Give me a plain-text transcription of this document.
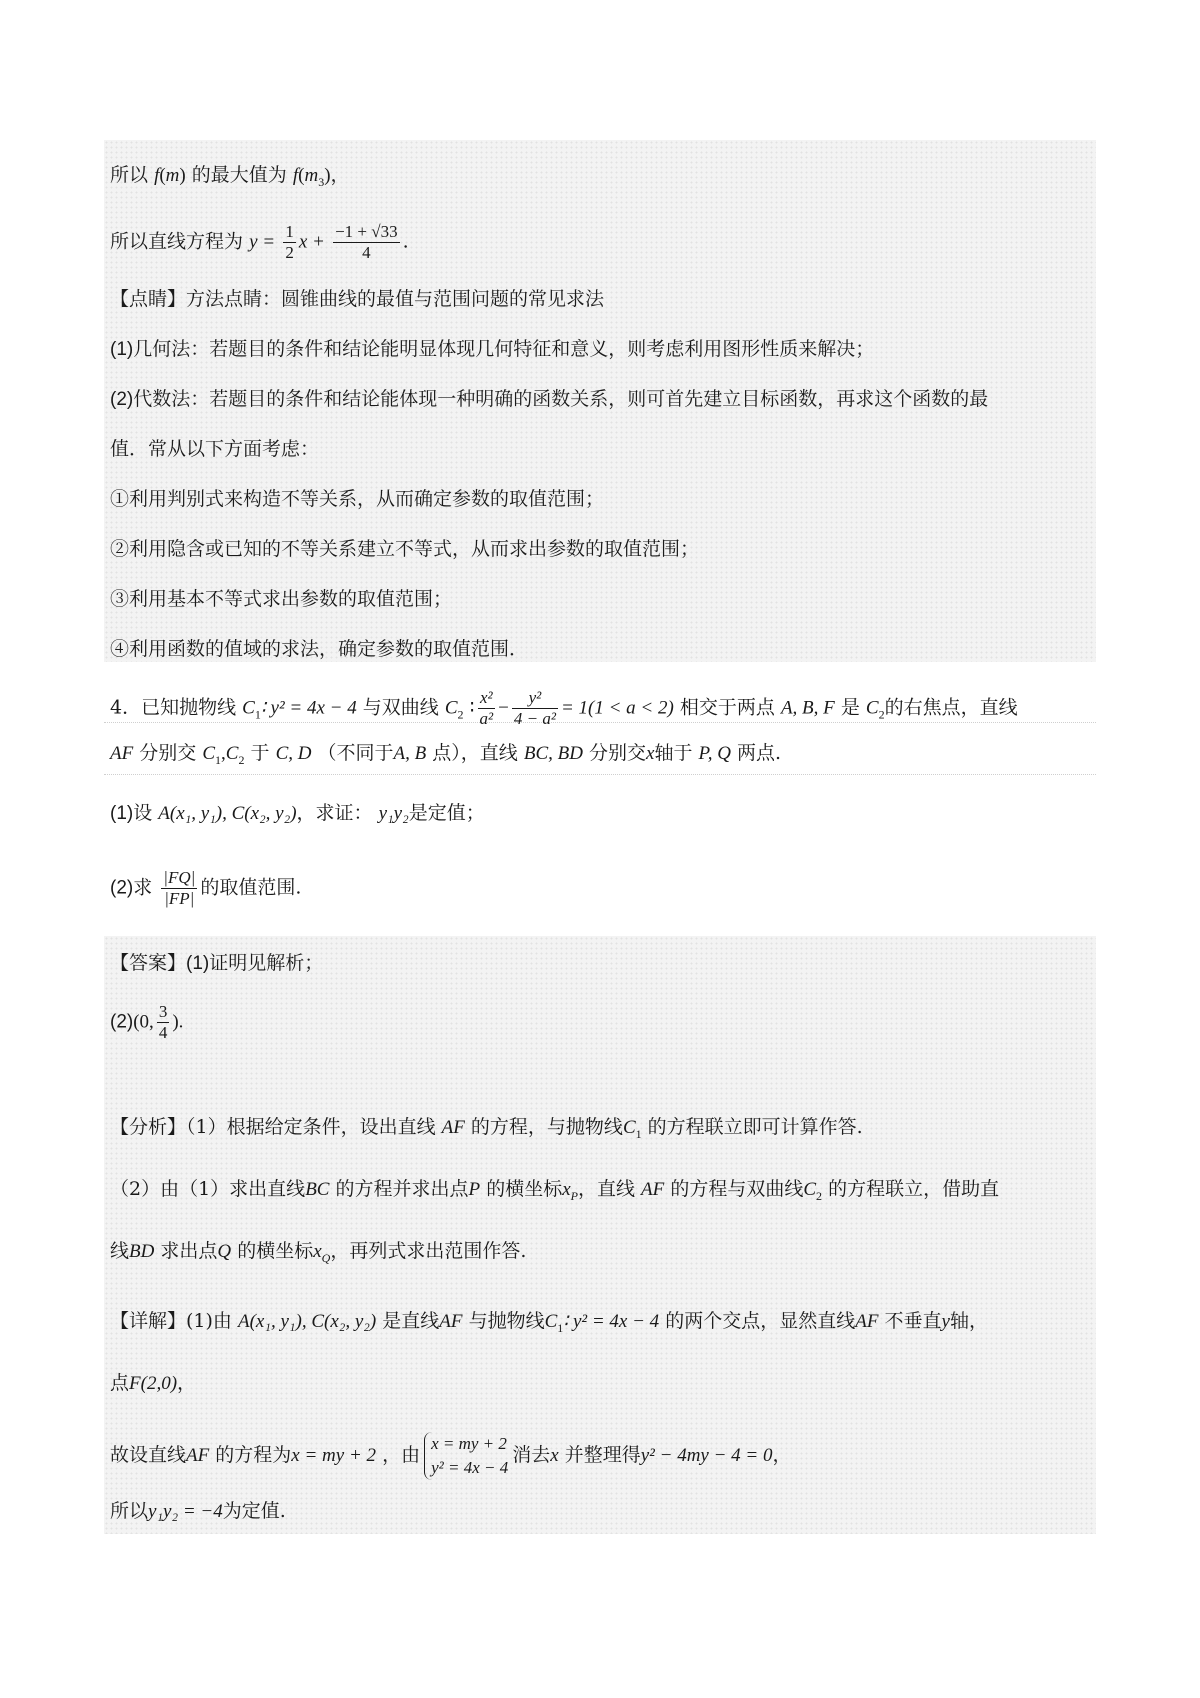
所以 f(m) 的最大值为 $f(m_3)$，
所以直线方程为 $y = \frac{1}{2}$ $x + \frac{-1 + √33}{4}$ .
【点睛】方法点睛：圆锥曲线的最值与范围问题的常见求法
(1)几何法：若题目的条件和结论能明显体现几何特征和意义，则考虑利用图形性质来解决；
(2)代数法：若题目的条件和结论能体现一种明确的函数关系，则可首先建立目标函数，再求这个函数的最
值．常从以下方面考虑：
①利用判别式来构造不等关系，从而确定参数的取值范围；
②利用隐含或已知的不等关系建立不等式，从而求出参数的取值范围；
③利用基本不等式求出参数的取值范围；
④利用函数的值域的求法，确定参数的取值范围．
4．已知抛物线 $C_1∶$ y² = 4x − 4 与双曲线 $C_2$ ∶ $\frac{\text{x²}}{\text{a²}} - \frac{\text{y²}}{\text{4 − a²}} = 1(1 < a < 2)$ 相交于两点 A, B, F 是 $C_2$的右焦点，直线
AF 分别交 $C_1,C_2$ 于 C, D （不同于A, B 点），直线 BC, BD 分别交x轴于 P, Q 两点.
(1)设 A(x₁, y₁), C(x₂, y₂)，求证： y₁y₂是定值；
(2)求 $\frac{|FQ|}{|FP|}$ 的取值范围.
【答案】(1)证明见解析；
(2)(0, $\frac{3}{4}$ ).
【分析】（1）根据给定条件，设出直线 AF 的方程，与抛物线$C_1$ 的方程联立即可计算作答.
（2）由（1）求出直线BC 的方程并求出点P 的横坐标$x_P$，直线 AF 的方程与双曲线$C_2$ 的方程联立，借助直
线BD 求出点Q 的横坐标$x_Q$，再列式求出范围作答.
【详解】(1)由 A(x₁, y₁), C(x₂, y₂) 是直线AF 与抛物线$C_1∶$ y² = 4x − 4 的两个交点，显然直线AF 不垂直y轴，
点F(2,0)，
故设直线AF 的方程为x = my + 2 ，由
x = my + 2
y² = 4x − 4
消去x 并整理得y² − 4my − 4 = 0，
所以y₁y₂ = −4为定值.
